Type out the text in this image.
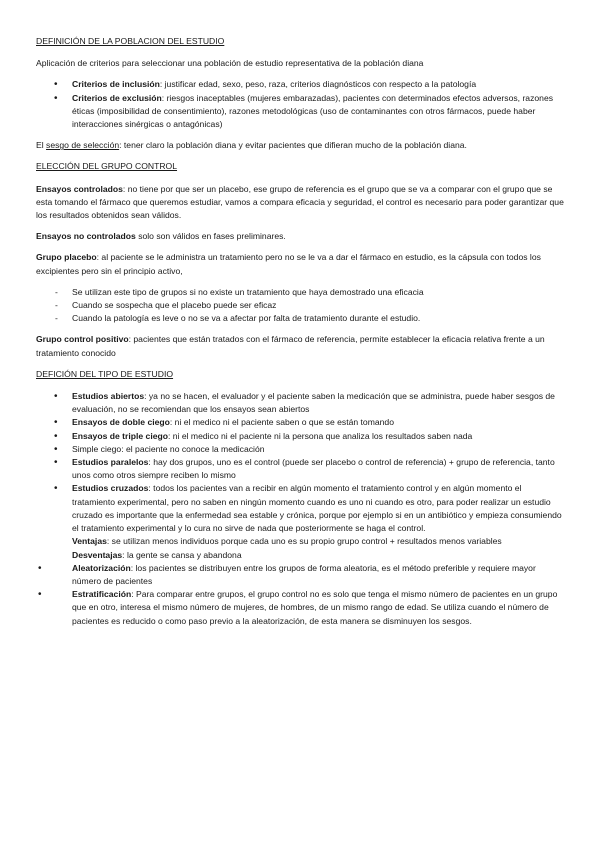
DEFINICIÓN DE LA POBLACION DEL ESTUDIO

Aplicación de criterios para seleccionar una población de estudio representativa de la población diana

• Criterios de inclusión: justificar edad, sexo, peso, raza, criterios diagnósticos con respecto a la patología
• Criterios de exclusión: riesgos inaceptables (mujeres embarazadas), pacientes con determinados efectos adversos, razones éticas (imposibilidad de consentimiento), razones metodológicas (uso de contaminantes con otros fármacos, puede haber interacciones sinérgicas o antagónicas)

El sesgo de selección: tener claro la población diana y evitar pacientes que difieran mucho de la población diana.

ELECCIÓN DEL GRUPO CONTROL

Ensayos controlados: no tiene por que ser un placebo, ese grupo de referencia es el grupo que se va a comparar con el grupo que se esta tomando el fármaco que queremos estudiar, vamos a compara eficacia y seguridad, el control es necesario para poder garantizar que los resultados obtenidos sean válidos.

Ensayos no controlados solo son válidos en fases preliminares.

Grupo placebo: al paciente se le administra un tratamiento pero no se le va a dar el fármaco en estudio, es la cápsula con todos los excipientes pero sin el principio activo,

- Se utilizan este tipo de grupos si no existe un tratamiento que haya demostrado una eficacia
- Cuando se sospecha que el placebo puede ser eficaz
- Cuando la patología es leve o no se va a afectar por falta de tratamiento durante el estudio.

Grupo control positivo: pacientes que están tratados con el fármaco de referencia, permite establecer la eficacia relativa frente a un tratamiento conocido

DEFICIÓN DEL TIPO DE ESTUDIO
• Estudios abiertos: ya no se hacen, el evaluador y el paciente saben la medicación que se administra, puede haber sesgos de evaluación, no se recomiendan que los ensayos sean abiertos
• Ensayos de doble ciego: ni el medico ni el paciente saben o que se están tomando
• Ensayos de triple ciego: ni el medico ni el paciente ni la persona que analiza los resultados saben nada
• Simple ciego: el paciente no conoce la medicación
• Estudios paralelos: hay dos grupos, uno es el control (puede ser placebo o control de referencia) + grupo de referencia, tanto unos como otros siempre reciben lo mismo
• Estudios cruzados: todos los pacientes van a recibir en algún momento el tratamiento control y en algún momento el tratamiento experimental, pero no saben en ningún momento cuando es uno ni cuando es otro, para poder realizar un estudio cruzado es importante que la enfermedad sea estable y crónica, porque por ejemplo si en un antibiótico y empieza consumiendo el tratamiento experimental y lo cura no sirve de nada que posteriormente se haga el control.
Ventajas: se utilizan menos individuos porque cada uno es su propio grupo control + resultados menos variables
Desventajas: la gente se cansa y abandona
• Aleatorización: los pacientes se distribuyen entre los grupos de forma aleatoria, es el método preferible y requiere mayor número de pacientes
• Estratificación: Para comparar entre grupos, el grupo control no es solo que tenga el mismo número de pacientes en un grupo que en otro, interesa el mismo número de mujeres, de hombres, de un mismo rango de edad. Se utiliza cuando el número de pacientes es reducido o como paso previo a la aleatorización, de esta manera se disminuyen los sesgos.
